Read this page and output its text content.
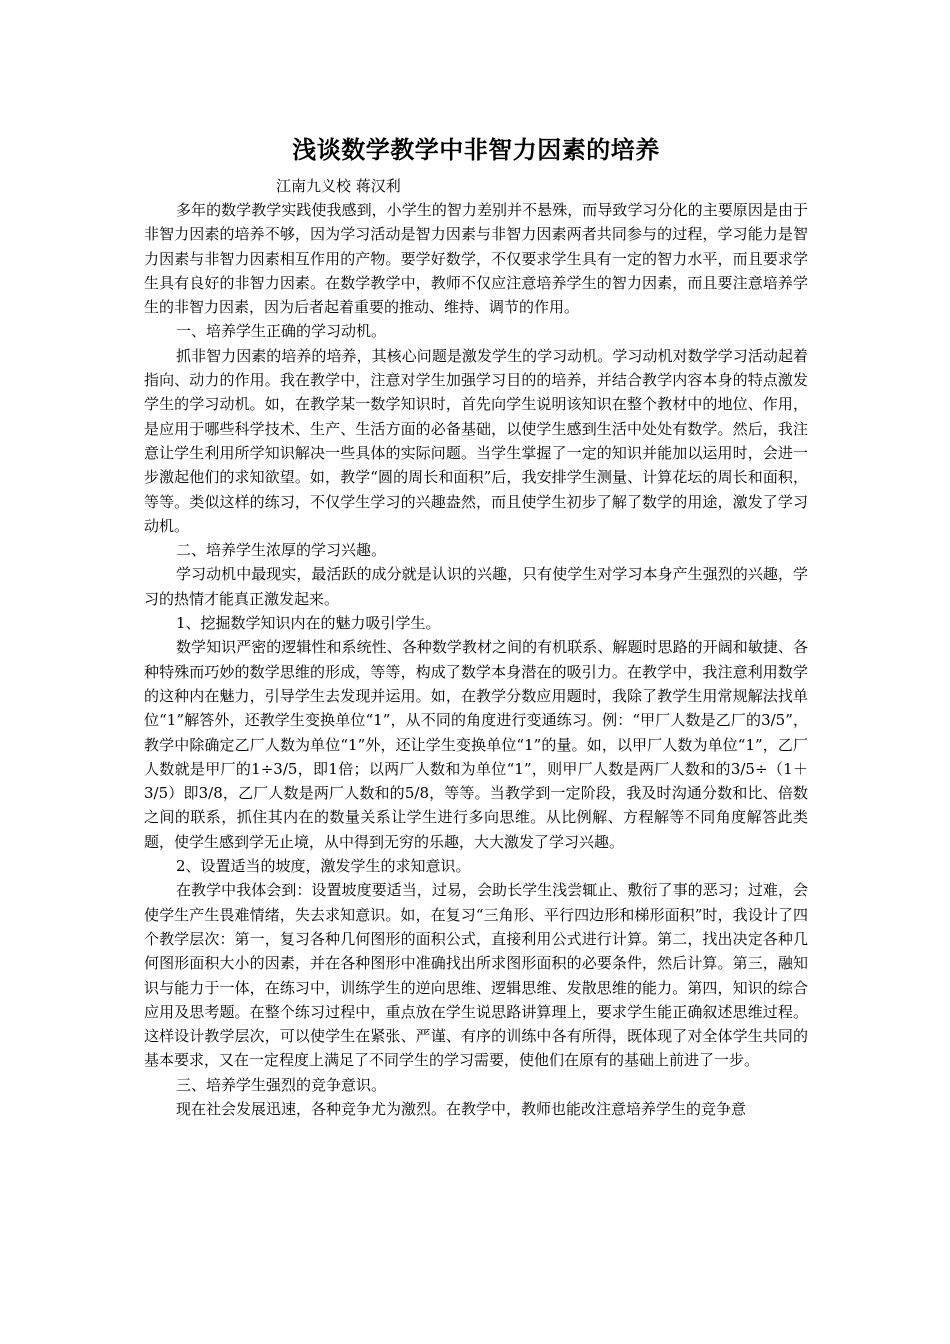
浅谈数学教学中非智力因素的培养

江南九义校 蒋汉利

多年的数学教学实践使我感到，小学生的智力差别并不悬殊，而导致学习分化的主要原因是由于非智力因素的培养不够，因为学习活动是智力因素与非智力因素两者共同参与的过程，学习能力是智力因素与非智力因素相互作用的产物。要学好数学，不仅要求学生具有一定的智力水平，而且要求学生具有良好的非智力因素。在数学教学中，教师不仅应注意培养学生的智力因素，而且要注意培养学生的非智力因素，因为后者起着重要的推动、维持、调节的作用。

一、培养学生正确的学习动机。

抓非智力因素的培养的培养，其核心问题是激发学生的学习动机。学习动机对数学学习活动起着指向、动力的作用。我在教学中，注意对学生加强学习目的的培养，并结合教学内容本身的特点激发学生的学习动机。如，在教学某一数学知识时，首先向学生说明该知识在整个教材中的地位、作用，是应用于哪些科学技术、生产、生活方面的必备基础，以使学生感到生活中处处有数学。然后，我注意让学生利用所学知识解决一些具体的实际问题。当学生掌握了一定的知识并能加以运用时，会进一步激起他们的求知欲望。如，教学“圆的周长和面积”后，我安排学生测量、计算花坛的周长和面积，等等。类似这样的练习，不仅学生学习的兴趣盎然，而且使学生初步了解了数学的用途，激发了学习动机。

二、培养学生浓厚的学习兴趣。

学习动机中最现实，最活跃的成分就是认识的兴趣，只有使学生对学习本身产生强烈的兴趣，学习的热情才能真正激发起来。

1、挖掘数学知识内在的魅力吸引学生。

数学知识严密的逻辑性和系统性、各种数学教材之间的有机联系、解题时思路的开阔和敏捷、各种特殊而巧妙的数学思维的形成，等等，构成了数学本身潜在的吸引力。在教学中，我注意利用数学的这种内在魅力，引导学生去发现并运用。如，在教学分数应用题时，我除了教学生用常规解法找单位“1”解答外，还教学生变换单位“1”，从不同的角度进行变通练习。例：“甲厂人数是乙厂的3/5”，教学中除确定乙厂人数为单位“1”外，还让学生变换单位“1”的量。如，以甲厂人数为单位“1”，乙厂人数就是甲厂的1÷3/5，即1倍；以两厂人数和为单位“1”，则甲厂人数是两厂人数和的3/5÷（1＋3/5）即3/8，乙厂人数是两厂人数和的5/8，等等。当教学到一定阶段，我及时沟通分数和比、倍数之间的联系，抓住其内在的数量关系让学生进行多向思维。从比例解、方程解等不同角度解答此类题，使学生感到学无止境，从中得到无穷的乐趣，大大激发了学习兴趣。

2、设置适当的坡度，激发学生的求知意识。

在教学中我体会到：设置坡度要适当，过易，会助长学生浅尝辄止、敷衍了事的恶习；过难，会使学生产生畏难情绪，失去求知意识。如，在复习“三角形、平行四边形和梯形面积”时，我设计了四个教学层次：第一，复习各种几何图形的面积公式，直接利用公式进行计算。第二，找出决定各种几何图形面积大小的因素，并在各种图形中准确找出所求图形面积的必要条件，然后计算。第三，融知识与能力于一体，在练习中，训练学生的逆向思维、逻辑思维、发散思维的能力。第四，知识的综合应用及思考题。在整个练习过程中，重点放在学生说思路讲算理上，要求学生能正确叙述思维过程。这样设计教学层次，可以使学生在紧张、严谨、有序的训练中各有所得，既体现了对全体学生共同的基本要求，又在一定程度上满足了不同学生的学习需要，使他们在原有的基础上前进了一步。

三、培养学生强烈的竞争意识。

现在社会发展迅速，各种竞争尤为激烈。在教学中，教师也能改注意培养学生的竞争意
